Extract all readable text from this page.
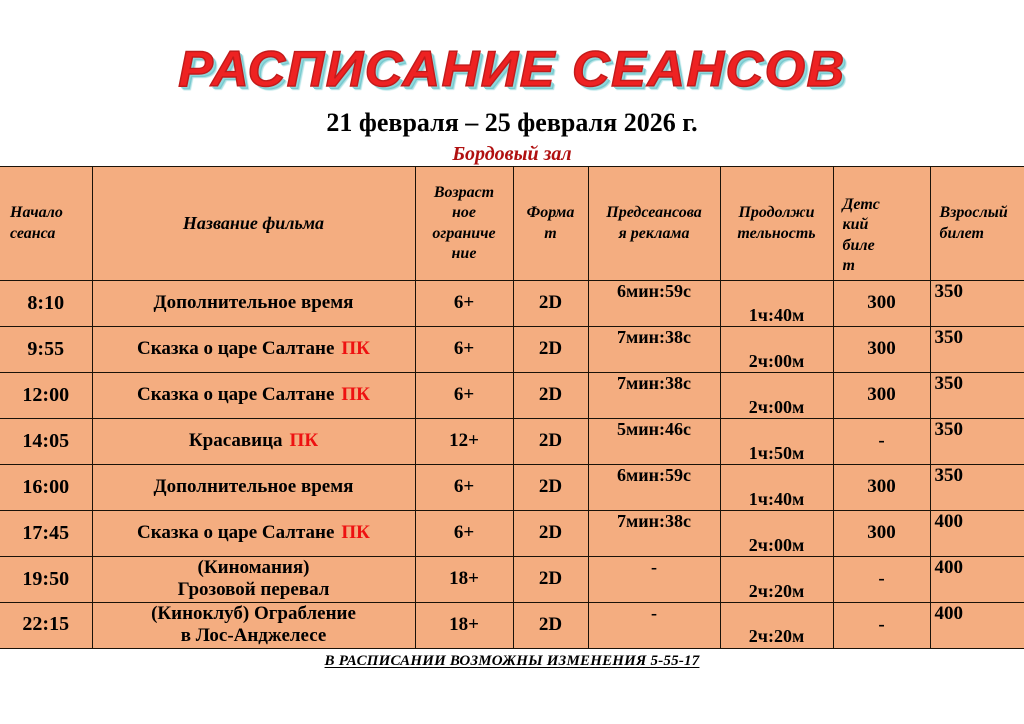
РАСПИСАНИЕ СЕАНСОВ
21 февраля – 25 февраля 2026 г.
Бордовый зал
Начало
сеанса	Название фильма	Возраст
ное
ограниче
ние	Форма
т	Предсеансова
я реклама	Продолжи
тельность	Детс
кий
биле
т	Взрослый
билет
8:10	Дополнительное время	6+	2D	6мин:59с	1ч:40м	300	350
9:55	Сказка о царе Салтане ПК	6+	2D	7мин:38с	2ч:00м	300	350
12:00	Сказка о царе Салтане ПК	6+	2D	7мин:38с	2ч:00м	300	350
14:05	Красавица ПК	12+	2D	5мин:46с	1ч:50м	-	350
16:00	Дополнительное время	6+	2D	6мин:59с	1ч:40м	300	350
17:45	Сказка о царе Салтане ПК	6+	2D	7мин:38с	2ч:00м	300	400
19:50	(Киномания)
Грозовой перевал	18+	2D	-	2ч:20м	-	400
22:15	(Киноклуб) Ограбление
в Лос-Анджелесе	18+	2D	-	2ч:20м	-	400
В РАСПИСАНИИ ВОЗМОЖНЫ ИЗМЕНЕНИЯ 5-55-17
